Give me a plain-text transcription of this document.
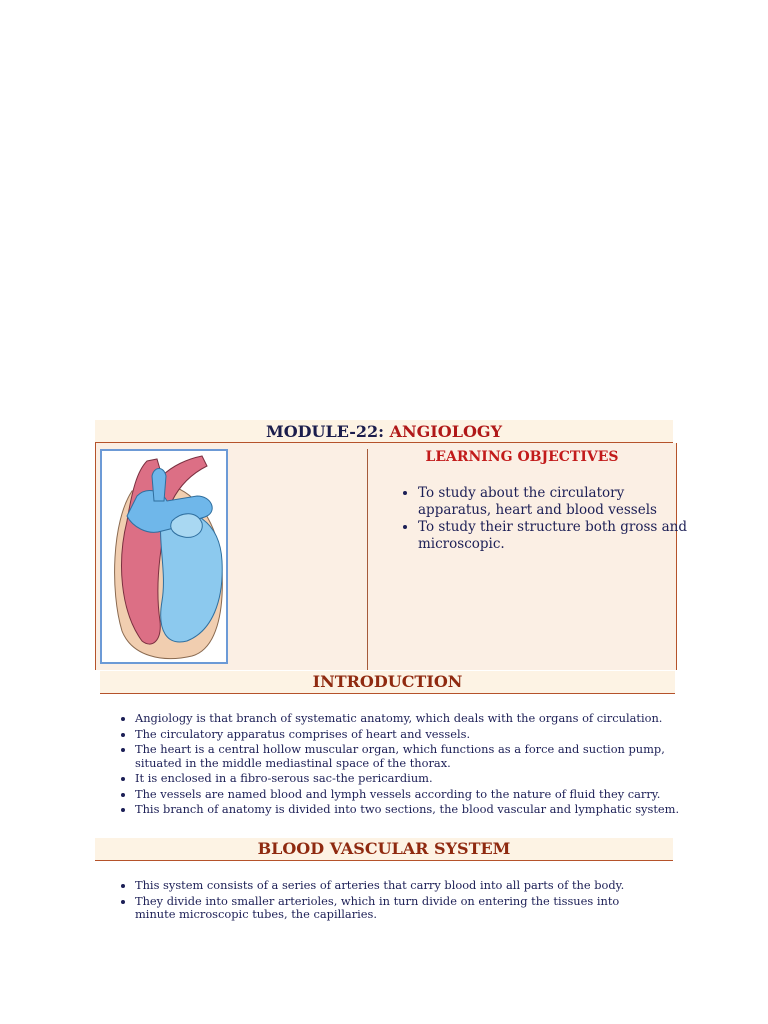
MODULE-22: ANGIOLOGY
LEARNING OBJECTIVES
• To study about the circulatory apparatus, heart and blood vessels
• To study their structure both gross and microscopic.
INTRODUCTION
• Angiology is that branch of systematic anatomy, which deals with the organs of circulation.
• The circulatory apparatus comprises of heart and vessels.
• The heart is a central hollow muscular organ, which functions as a force and suction pump, situated in the middle mediastinal space of the thorax.
• It is enclosed in a fibro-serous sac-the pericardium.
• The vessels are named blood and lymph vessels according to the nature of fluid they carry.
• This branch of anatomy is divided into two sections, the blood vascular and lymphatic system.
BLOOD VASCULAR SYSTEM
• This system consists of a series of arteries that carry blood into all parts of the body.
• They divide into smaller arterioles, which in turn divide on entering the tissues into minute microscopic tubes, the capillaries.
